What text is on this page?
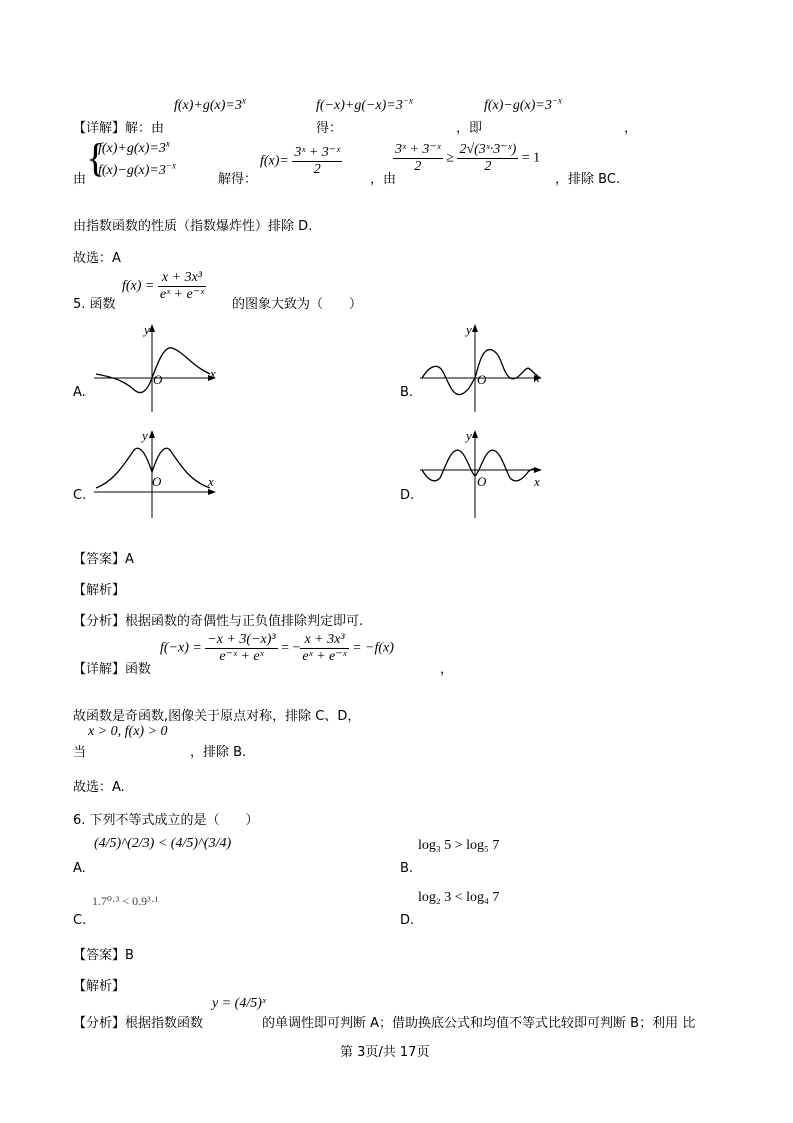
【详解】解：由
$f(x)+g(x)=3^x$
得：
$f(-x)+g(-x)=3^{-x}$
，即
$f(x)-g(x)=3^{-x}$
，
由 {
$f(x)+g(x)=3^x$
$f(x)-g(x)=3^{-x}$
解得：
$f(x)= \frac{\text{3ˣ + 3⁻ˣ}}{2}$
，由
$\frac{\text{3ˣ + 3⁻ˣ}}{2} \ge \frac{\text{2√(3ˣ·3⁻ˣ)}}{2} = 1$
，排除 BC.
由指数函数的性质（指数爆炸性）排除 D.
故选：A
5. 函数
$f(x) = \frac{\text{x + 3x³}}{\text{eˣ + e⁻ˣ}}$
的图象大致为（　　）
A.	B.
C.	D.
y
x
O
y
x
O
y
x
O
y
x
O
【答案】A
【解析】
【分析】根据函数的奇偶性与正负值排除判定即可.
【详解】函数
$f(-x) = \frac{\text{−x + 3(−x)³}}{\text{e⁻ˣ + eˣ}}$ = − $\frac{\text{x + 3x³}}{\text{eˣ + e⁻ˣ}} = -f(x)$
，
故函数是奇函数,图像关于原点对称，排除 C、D，
x > 0, f(x) > 0
当	，排除 B.
故选：A.
6. 下列不等式成立的是（　　）
A.
(4/5)^(2/3) < (4/5)^(3/4)
B.
log₃ 5 > log₅ 7
C.
1.7⁰·³ < 0.9³·¹
D.
log₂ 3 < log₄ 7
【答案】B
【解析】
【分析】根据指数函数
y = (4/5)ˣ
的单调性即可判断 A；借助换底公式和均值不等式比较即可判断 B；利用 比
第 3页/共 17页
